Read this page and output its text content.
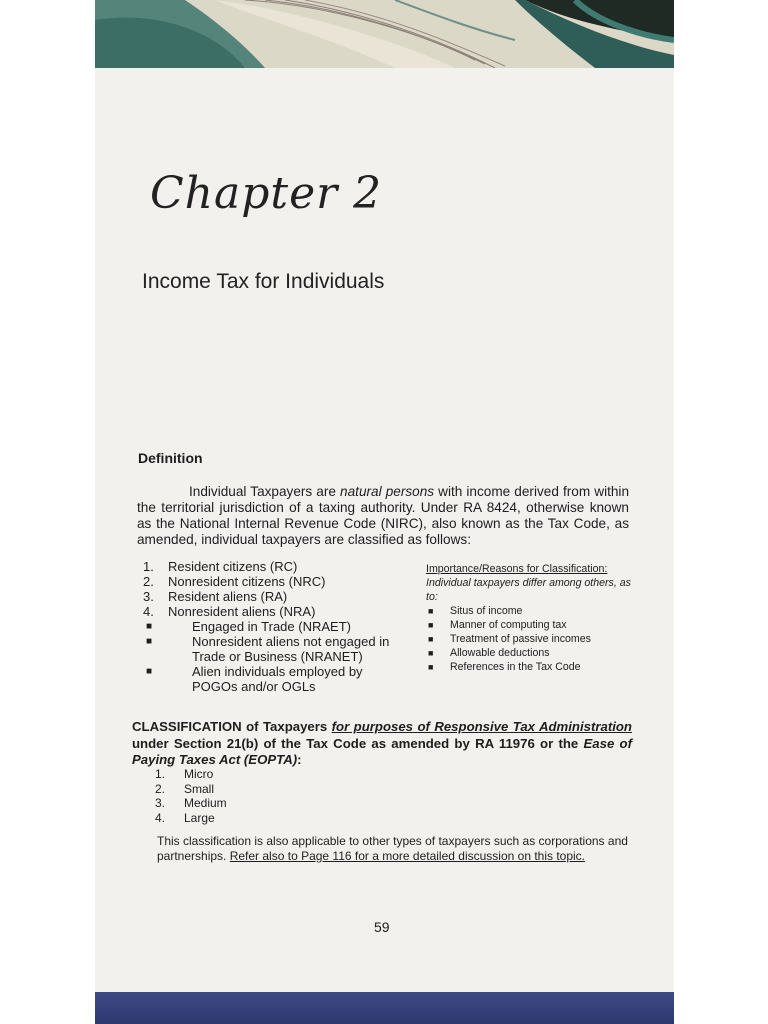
Chapter 2
Income Tax for Individuals
Definition
Individual Taxpayers are natural persons with income derived from within the territorial jurisdiction of a taxing authority. Under RA 8424, otherwise known as the National Internal Revenue Code (NIRC), also known as the Tax Code, as amended, individual taxpayers are classified as follows:
1. Resident citizens (RC)
2. Nonresident citizens (NRC)
3. Resident aliens (RA)
4. Nonresident aliens (NRA)
■	Engaged in Trade (NRAET)
■	Nonresident aliens not engaged in Trade or Business (NRANET)
■	Alien individuals employed by POGOs and/or OGLs
Importance/Reasons for Classification:
Individual taxpayers differ among others, as to:
■ Situs of income
■ Manner of computing tax
■ Treatment of passive incomes
■ Allowable deductions
■ References in the Tax Code
CLASSIFICATION of Taxpayers for purposes of Responsive Tax Administration under Section 21(b) of the Tax Code as amended by RA 11976 or the Ease of Paying Taxes Act (EOPTA):
1. Micro
2. Small
3. Medium
4. Large
This classification is also applicable to other types of taxpayers such as corporations and partnerships. Refer also to Page 116 for a more detailed discussion on this topic.
59
